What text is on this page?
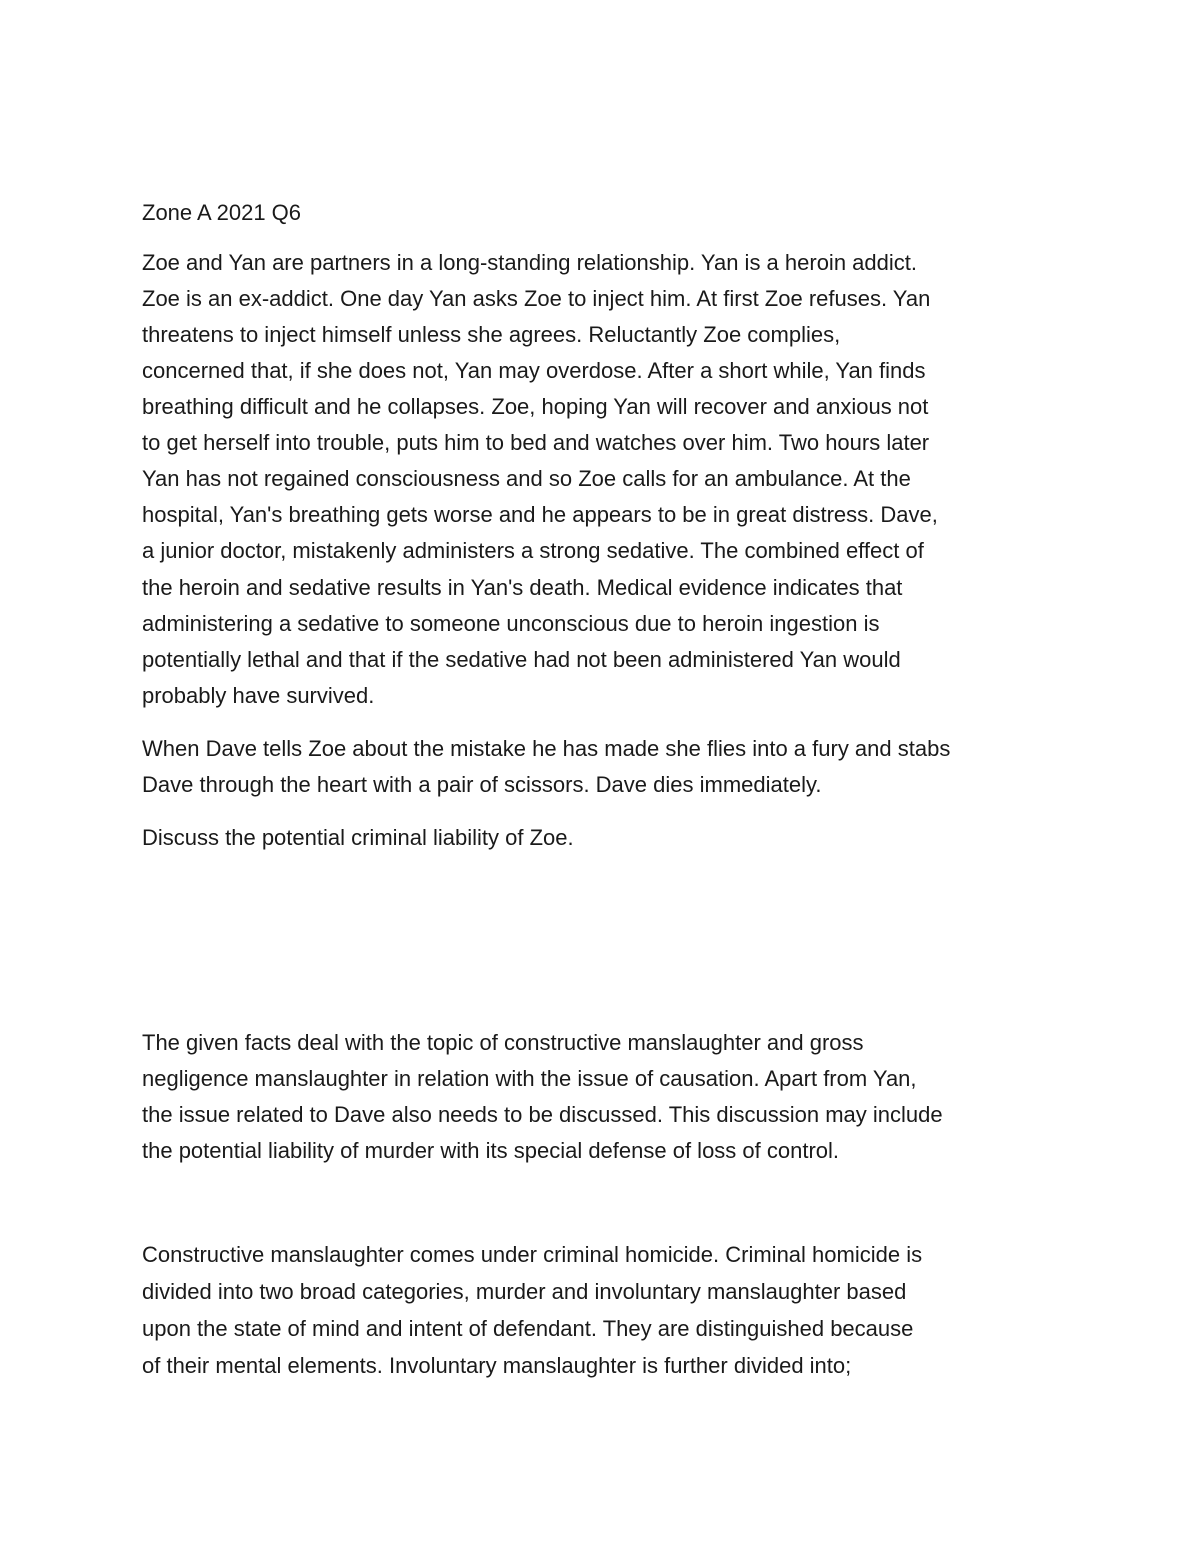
Zone A 2021 Q6

Zoe and Yan are partners in a long-standing relationship. Yan is a heroin addict.

Zoe is an ex-addict. One day Yan asks Zoe to inject him. At first Zoe refuses. Yan

threatens to inject himself unless she agrees. Reluctantly Zoe complies,

concerned that, if she does not, Yan may overdose. After a short while, Yan finds

breathing difficult and he collapses. Zoe, hoping Yan will recover and anxious not

to get herself into trouble, puts him to bed and watches over him. Two hours later

Yan has not regained consciousness and so Zoe calls for an ambulance. At the

hospital, Yan's breathing gets worse and he appears to be in great distress. Dave,

a junior doctor, mistakenly administers a strong sedative. The combined effect of

the heroin and sedative results in Yan's death. Medical evidence indicates that

administering a sedative to someone unconscious due to heroin ingestion is

potentially lethal and that if the sedative had not been administered Yan would

probably have survived.

When Dave tells Zoe about the mistake he has made she flies into a fury and stabs

Dave through the heart with a pair of scissors. Dave dies immediately.

Discuss the potential criminal liability of Zoe.

The given facts deal with the topic of constructive manslaughter and gross

negligence manslaughter in relation with the issue of causation. Apart from Yan,

the issue related to Dave also needs to be discussed. This discussion may include

the potential liability of murder with its special defense of loss of control.

Constructive manslaughter comes under criminal homicide. Criminal homicide is

divided into two broad categories, murder and involuntary manslaughter based

upon the state of mind and intent of defendant. They are distinguished because

of their mental elements. Involuntary manslaughter is further divided into;
